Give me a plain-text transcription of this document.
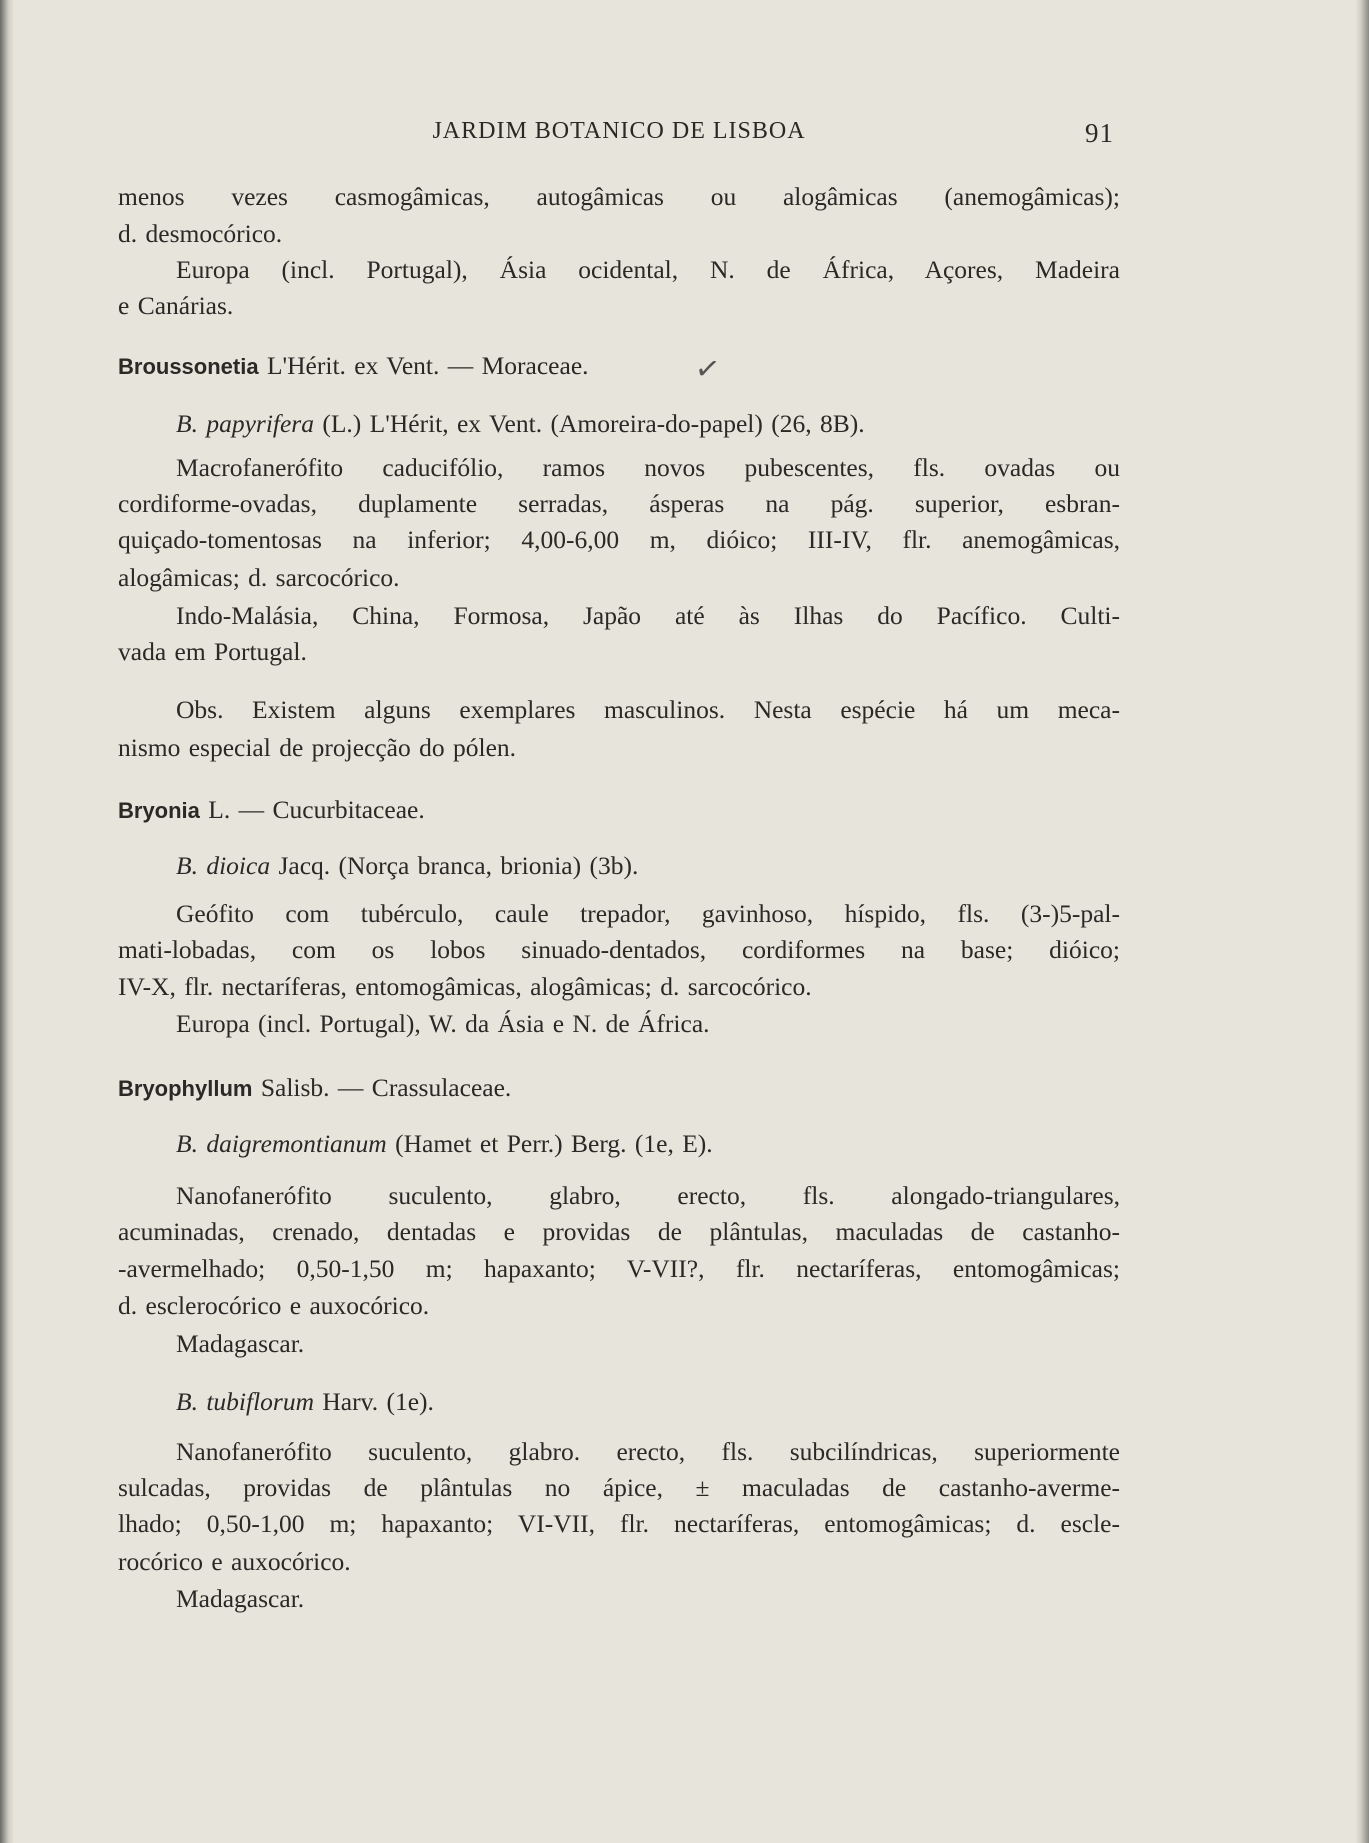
JARDIM BOTANICO DE LISBOA	91
menos vezes casmogâmicas, autogâmicas ou alogâmicas (anemogâmicas);
d. desmocórico.
Europa (incl. Portugal), Ásia ocidental, N. de África, Açores, Madeira
e Canárias.
Broussonetia L'Hérit. ex Vent. — Moraceae.
B. papyrifera (L.) L'Hérit, ex Vent. (Amoreira-do-papel) (26, 8B).
Macrofanerófito caducifólio, ramos novos pubescentes, fls. ovadas ou
cordiforme-ovadas, duplamente serradas, ásperas na pág. superior, esbran-
quiçado-tomentosas na inferior; 4,00-6,00 m, dióico; III-IV, flr. anemogâmicas,
alogâmicas; d. sarcocórico.
Indo-Malásia, China, Formosa, Japão até às Ilhas do Pacífico. Culti-
vada em Portugal.
Obs. Existem alguns exemplares masculinos. Nesta espécie há um meca-
nismo especial de projecção do pólen.
Bryonia L. — Cucurbitaceae.
B. dioica Jacq. (Norça branca, brionia) (3b).
Geófito com tubérculo, caule trepador, gavinhoso, híspido, fls. (3-)5-pal-
mati-lobadas, com os lobos sinuado-dentados, cordiformes na base; dióico;
IV-X, flr. nectaríferas, entomogâmicas, alogâmicas; d. sarcocórico.
Europa (incl. Portugal), W. da Ásia e N. de África.
Bryophyllum Salisb. — Crassulaceae.
B. daigremontianum (Hamet et Perr.) Berg. (1e, E).
Nanofanerófito suculento, glabro, erecto, fls. alongado-triangulares,
acuminadas, crenado, dentadas e providas de plântulas, maculadas de castanho-
-avermelhado; 0,50-1,50 m; hapaxanto; V-VII?, flr. nectaríferas, entomogâmicas;
d. esclerocórico e auxocórico.
Madagascar.
B. tubiflorum Harv. (1e).
Nanofanerófito suculento, glabro. erecto, fls. subcilíndricas, superiormente
sulcadas, providas de plântulas no ápice, ± maculadas de castanho-averme-
lhado; 0,50-1,00 m; hapaxanto; VI-VII, flr. nectaríferas, entomogâmicas; d. escle-
rocórico e auxocórico.
Madagascar.
✓
